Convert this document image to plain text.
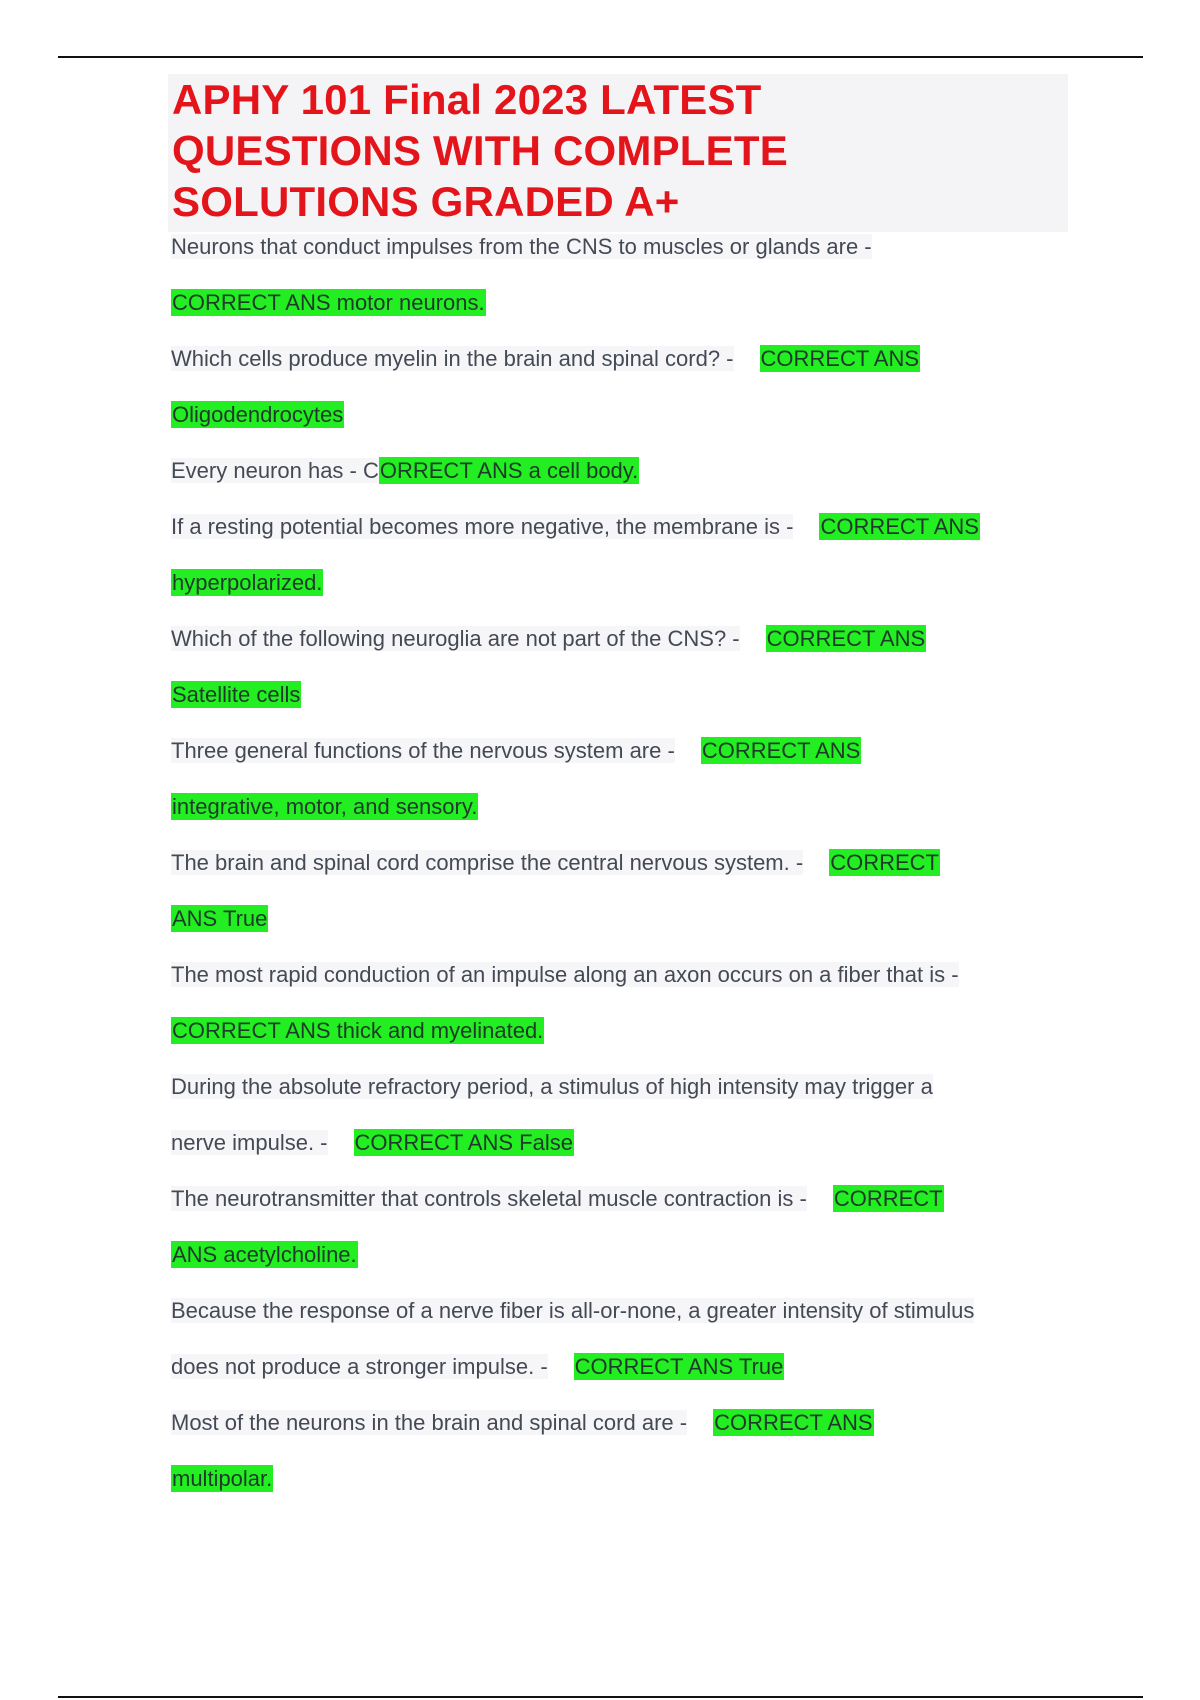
APHY 101 Final 2023 LATEST
QUESTIONS WITH COMPLETE
SOLUTIONS GRADED A+
Neurons that conduct impulses from the CNS to muscles or glands are -
CORRECT ANS motor neurons.
Which cells produce myelin in the brain and spinal cord? - CORRECT ANS
Oligodendrocytes
Every neuron has - CORRECT ANS a cell body.
If a resting potential becomes more negative, the membrane is - CORRECT ANS
hyperpolarized.
Which of the following neuroglia are not part of the CNS? - CORRECT ANS
Satellite cells
Three general functions of the nervous system are - CORRECT ANS
integrative, motor, and sensory.
The brain and spinal cord comprise the central nervous system. - CORRECT
ANS True
The most rapid conduction of an impulse along an axon occurs on a fiber that is -
CORRECT ANS thick and myelinated.
During the absolute refractory period, a stimulus of high intensity may trigger a
nerve impulse. - CORRECT ANS False
The neurotransmitter that controls skeletal muscle contraction is - CORRECT
ANS acetylcholine.
Because the response of a nerve fiber is all-or-none, a greater intensity of stimulus
does not produce a stronger impulse. - CORRECT ANS True
Most of the neurons in the brain and spinal cord are - CORRECT ANS
multipolar.
